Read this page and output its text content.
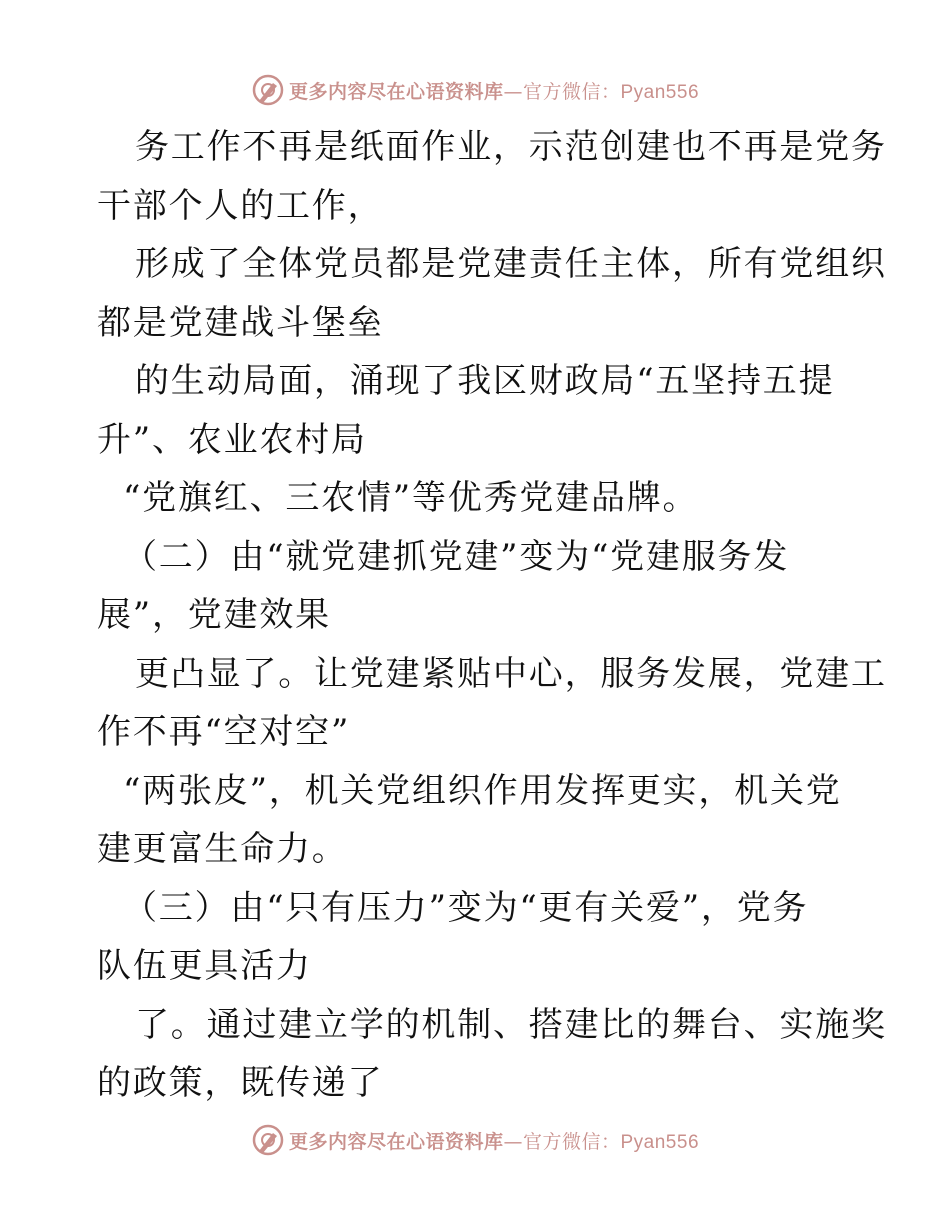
更多内容尽在心语资料库—官方微信：Pyan556
务工作不再是纸面作业，示范创建也不再是党务
干部个人的工作，
形成了全体党员都是党建责任主体，所有党组织
都是党建战斗堡垒
的生动局面，涌现了我区财政局“五坚持五提
升”、农业农村局
“党旗红、三农情”等优秀党建品牌。
（二）由“就党建抓党建”变为“党建服务发
展”，党建效果
更凸显了。让党建紧贴中心，服务发展，党建工
作不再“空对空”
“两张皮”，机关党组织作用发挥更实，机关党
建更富生命力。
（三）由“只有压力”变为“更有关爱”，党务
队伍更具活力
了。通过建立学的机制、搭建比的舞台、实施奖
的政策，既传递了
更多内容尽在心语资料库—官方微信：Pyan556
